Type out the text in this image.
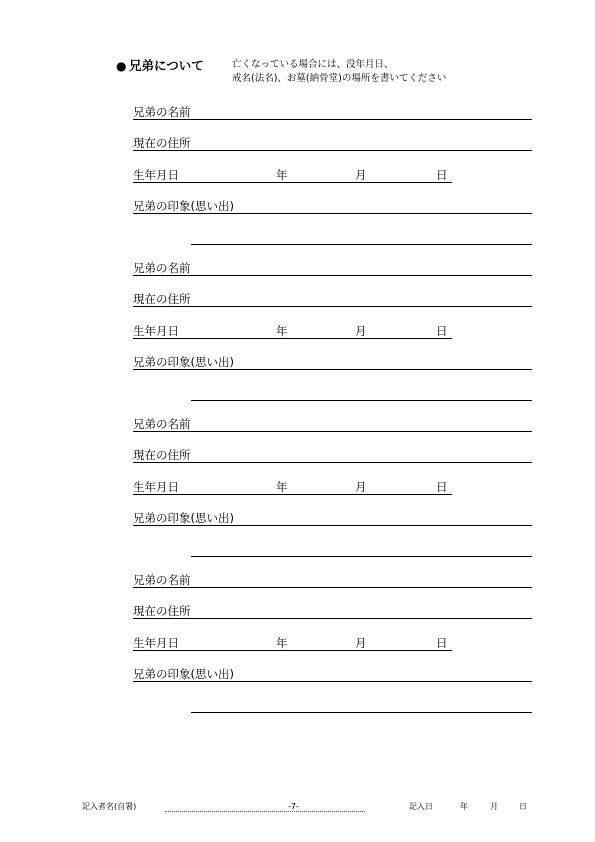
● 兄弟について	亡くなっている場合には、没年月日、
戒名(法名)、お墓(納骨堂)の場所を書いてください
兄弟の名前
現在の住所
生年月日	年	月	日
兄弟の印象(思い出)
兄弟の名前
現在の住所
生年月日	年	月	日
兄弟の印象(思い出)
兄弟の名前
現在の住所
生年月日	年	月	日
兄弟の印象(思い出)
兄弟の名前
現在の住所
生年月日	年	月	日
兄弟の印象(思い出)
記入者名(自署)	-7-	記入日	年	月	日
